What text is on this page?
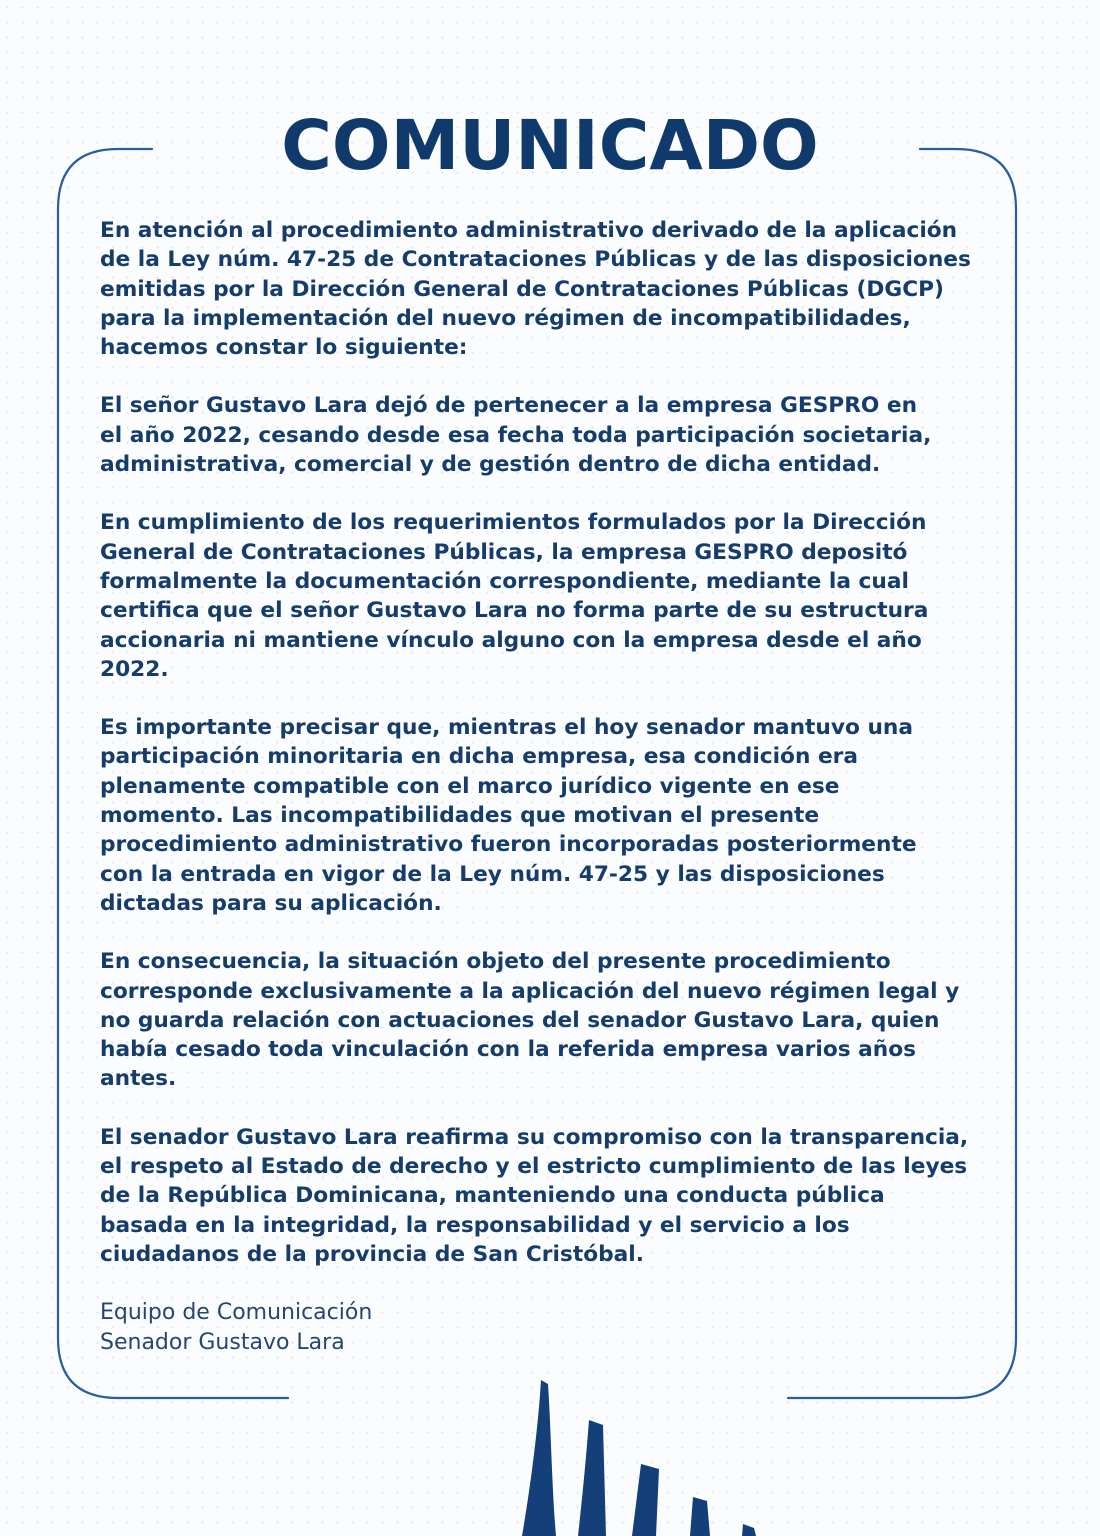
COMUNICADO

En atención al procedimiento administrativo derivado de la aplicación
de la Ley núm. 47-25 de Contrataciones Públicas y de las disposiciones
emitidas por la Dirección General de Contrataciones Públicas (DGCP)
para la implementación del nuevo régimen de incompatibilidades,
hacemos constar lo siguiente:

El señor Gustavo Lara dejó de pertenecer a la empresa GESPRO en
el año 2022, cesando desde esa fecha toda participación societaria,
administrativa, comercial y de gestión dentro de dicha entidad.

En cumplimiento de los requerimientos formulados por la Dirección
General de Contrataciones Públicas, la empresa GESPRO depositó
formalmente la documentación correspondiente, mediante la cual
certifica que el señor Gustavo Lara no forma parte de su estructura
accionaria ni mantiene vínculo alguno con la empresa desde el año
2022.

Es importante precisar que, mientras el hoy senador mantuvo una
participación minoritaria en dicha empresa, esa condición era
plenamente compatible con el marco jurídico vigente en ese
momento. Las incompatibilidades que motivan el presente
procedimiento administrativo fueron incorporadas posteriormente
con la entrada en vigor de la Ley núm. 47-25 y las disposiciones
dictadas para su aplicación.

En consecuencia, la situación objeto del presente procedimiento
corresponde exclusivamente a la aplicación del nuevo régimen legal y
no guarda relación con actuaciones del senador Gustavo Lara, quien
había cesado toda vinculación con la referida empresa varios años
antes.

El senador Gustavo Lara reafirma su compromiso con la transparencia,
el respeto al Estado de derecho y el estricto cumplimiento de las leyes
de la República Dominicana, manteniendo una conducta pública
basada en la integridad, la responsabilidad y el servicio a los
ciudadanos de la provincia de San Cristóbal.

Equipo de Comunicación

Senador Gustavo Lara
